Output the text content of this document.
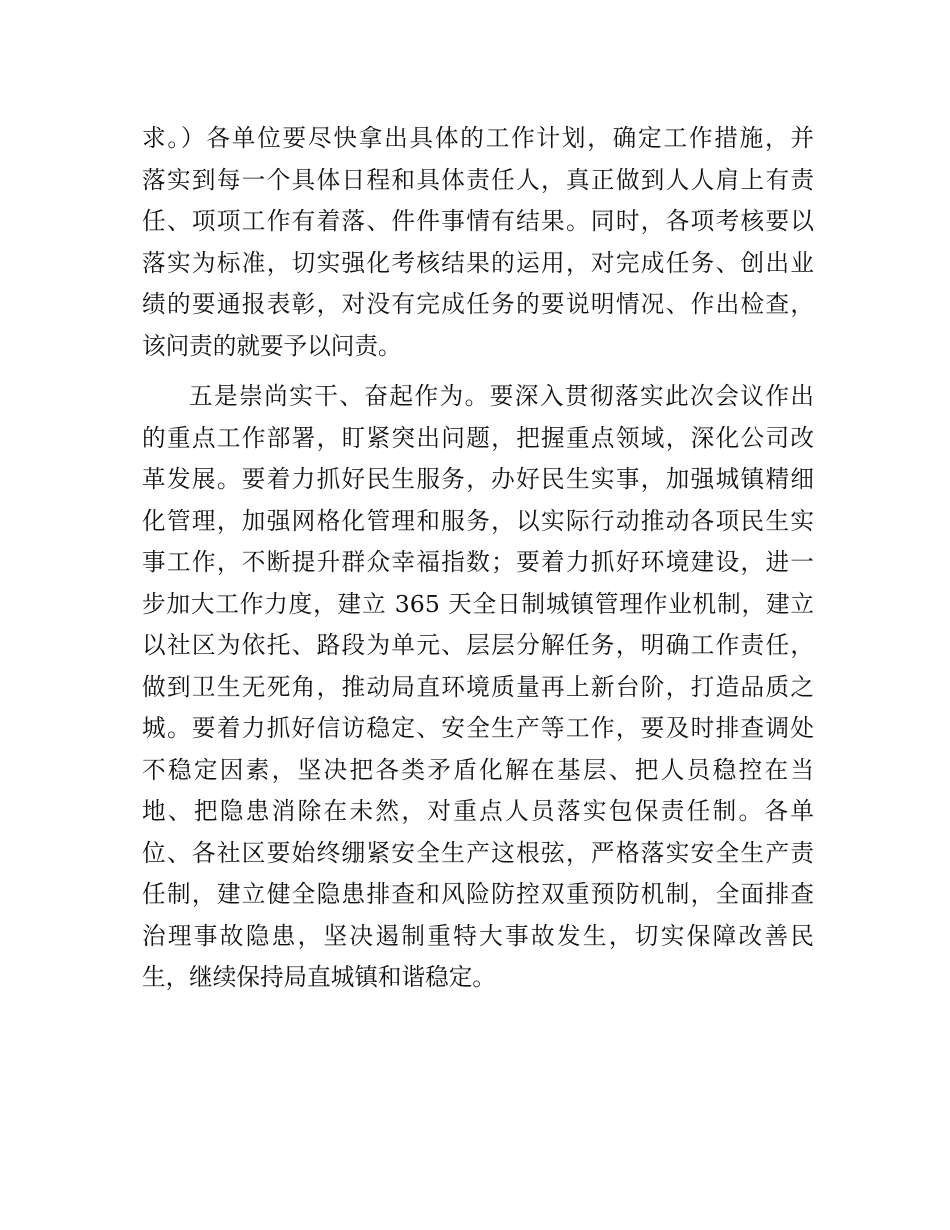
求。）各单位要尽快拿出具体的工作计划，确定工作措施，并
落实到每一个具体日程和具体责任人，真正做到人人肩上有责
任、项项工作有着落、件件事情有结果。同时，各项考核要以
落实为标准，切实强化考核结果的运用，对完成任务、创出业
绩的要通报表彰，对没有完成任务的要说明情况、作出检查，
该问责的就要予以问责。
五是崇尚实干、奋起作为。要深入贯彻落实此次会议作出
的重点工作部署，盯紧突出问题，把握重点领域，深化公司改
革发展。要着力抓好民生服务，办好民生实事，加强城镇精细
化管理，加强网格化管理和服务，以实际行动推动各项民生实
事工作，不断提升群众幸福指数；要着力抓好环境建设，进一
步加大工作力度，建立 365 天全日制城镇管理作业机制，建立
以社区为依托、路段为单元、层层分解任务，明确工作责任，
做到卫生无死角，推动局直环境质量再上新台阶，打造品质之
城。要着力抓好信访稳定、安全生产等工作，要及时排查调处
不稳定因素，坚决把各类矛盾化解在基层、把人员稳控在当
地、把隐患消除在未然，对重点人员落实包保责任制。各单
位、各社区要始终绷紧安全生产这根弦，严格落实安全生产责
任制，建立健全隐患排查和风险防控双重预防机制，全面排查
治理事故隐患，坚决遏制重特大事故发生，切实保障改善民
生，继续保持局直城镇和谐稳定。
